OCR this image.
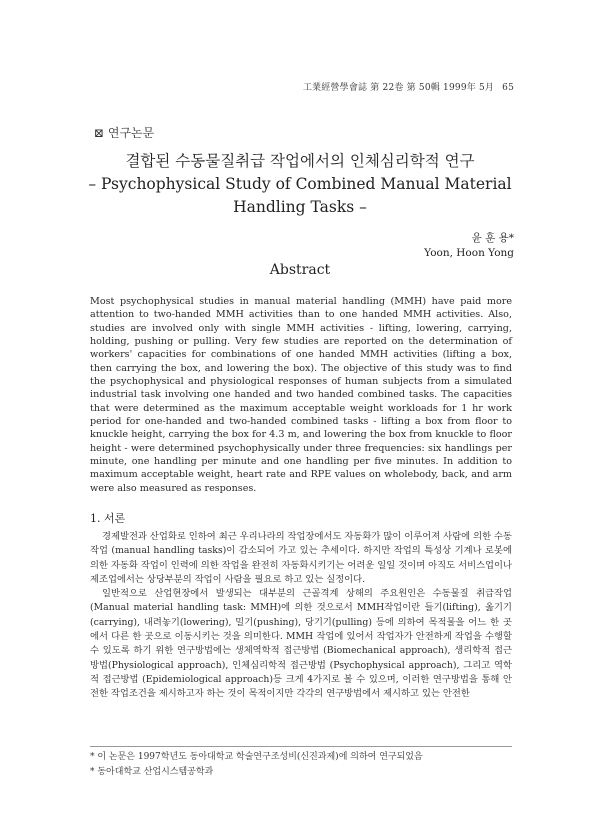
工業經營學會誌 第 22卷 第 50輯 1999年 5月 65
⊠ 연구논문
결합된 수동물질취급 작업에서의 인체심리학적 연구
– Psychophysical Study of Combined Manual Material Handling Tasks –
윤 훈 용*
Yoon, Hoon Yong
Abstract
Most psychophysical studies in manual material handling (MMH) have paid more attention to two-handed MMH activities than to one handed MMH activities. Also, studies are involved only with single MMH activities - lifting, lowering, carrying, holding, pushing or pulling. Very few studies are reported on the determination of workers' capacities for combinations of one handed MMH activities (lifting a box, then carrying the box, and lowering the box). The objective of this study was to find the psychophysical and physiological responses of human subjects from a simulated industrial task involving one handed and two handed combined tasks. The capacities that were determined as the maximum acceptable weight workloads for 1 hr work period for one-handed and two-handed combined tasks - lifting a box from floor to knuckle height, carrying the box for 4.3 m, and lowering the box from knuckle to floor height - were determined psychophysically under three frequencies: six handlings per minute, one handling per minute and one handling per five minutes. In addition to maximum acceptable weight, heart rate and RPE values on wholebody, back, and arm were also measured as responses.
1. 서론

경제발전과 산업화로 인하여 최근 우리나라의 작업장에서도 자동화가 많이 이루어져 사람에 의한 수동작업 (manual handling tasks)이 감소되어 가고 있는 추세이다. 하지만 작업의 특성상 기계나 로봇에 의한 자동화 작업이 인력에 의한 작업을 완전히 자동화시키기는 어려운 일일 것이며 아직도 서비스업이나 제조업에서는 상당부분의 작업이 사람을 필요로 하고 있는 실정이다.

일반적으로 산업현장에서 발생되는 대부분의 근골격계 상해의 주요원인은 수동물질 취급작업 (Manual material handling task: MMH)에 의한 것으로서 MMH작업이란 들기(lifting), 옮기기(carrying), 내려놓기(lowering), 밀기(pushing), 당기기(pulling) 등에 의하여 목적물을 어느 한 곳에서 다른 한 곳으로 이동시키는 것을 의미한다. MMH 작업에 있어서 작업자가 안전하게 작업을 수행할 수 있도록 하기 위한 연구방법에는 생체역학적 접근방법 (Biomechanical approach), 생리학적 접근방법(Physiological approach), 인체심리학적 접근방법 (Psychophysical approach), 그리고 역학적 접근방법 (Epidemiological approach)등 크게 4가지로 볼 수 있으며, 이러한 연구방법을 통해 안전한 작업조건을 제시하고자 하는 것이 목적이지만 각각의 연구방법에서 제시하고 있는 안전한

* 이 논문은 1997학년도 동아대학교 학술연구조성비(신진과제)에 의하여 연구되었음
* 동아대학교 산업시스템공학과
